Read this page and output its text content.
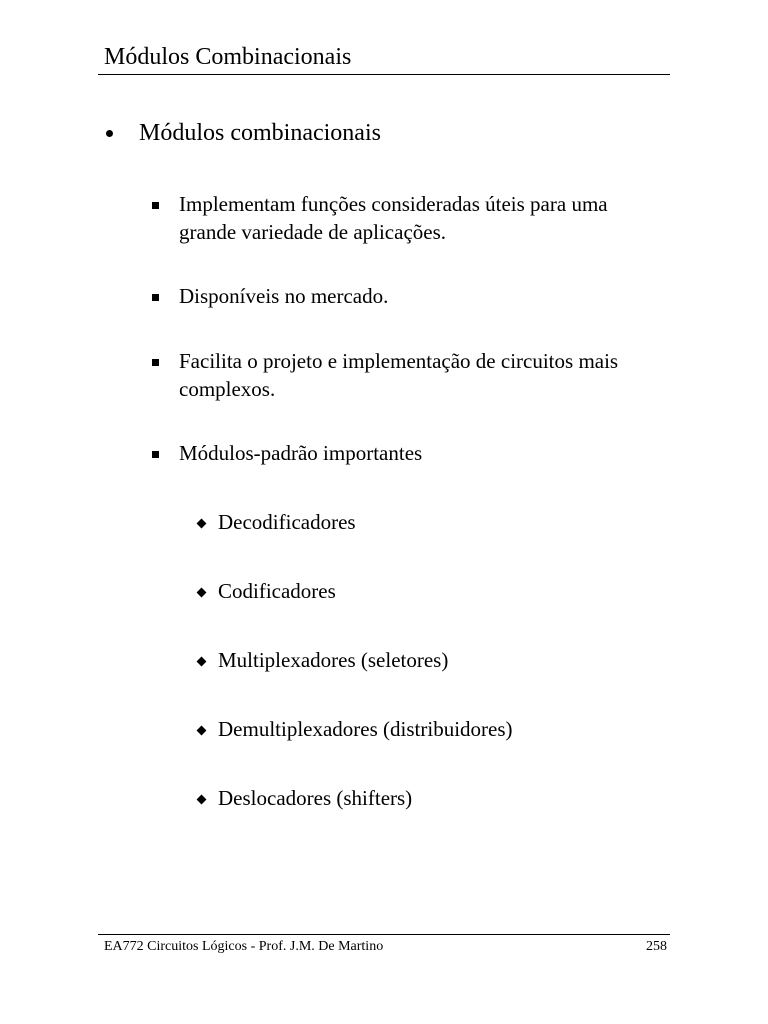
Módulos Combinacionais
Módulos combinacionais
Implementam funções consideradas úteis para uma
grande variedade de aplicações.
Disponíveis no mercado.
Facilita o projeto e implementação de circuitos mais
complexos.
Módulos-padrão importantes
Decodificadores
Codificadores
Multiplexadores (seletores)
Demultiplexadores (distribuidores)
Deslocadores (shifters)
EA772 Circuitos Lógicos - Prof. J.M. De Martino	258
